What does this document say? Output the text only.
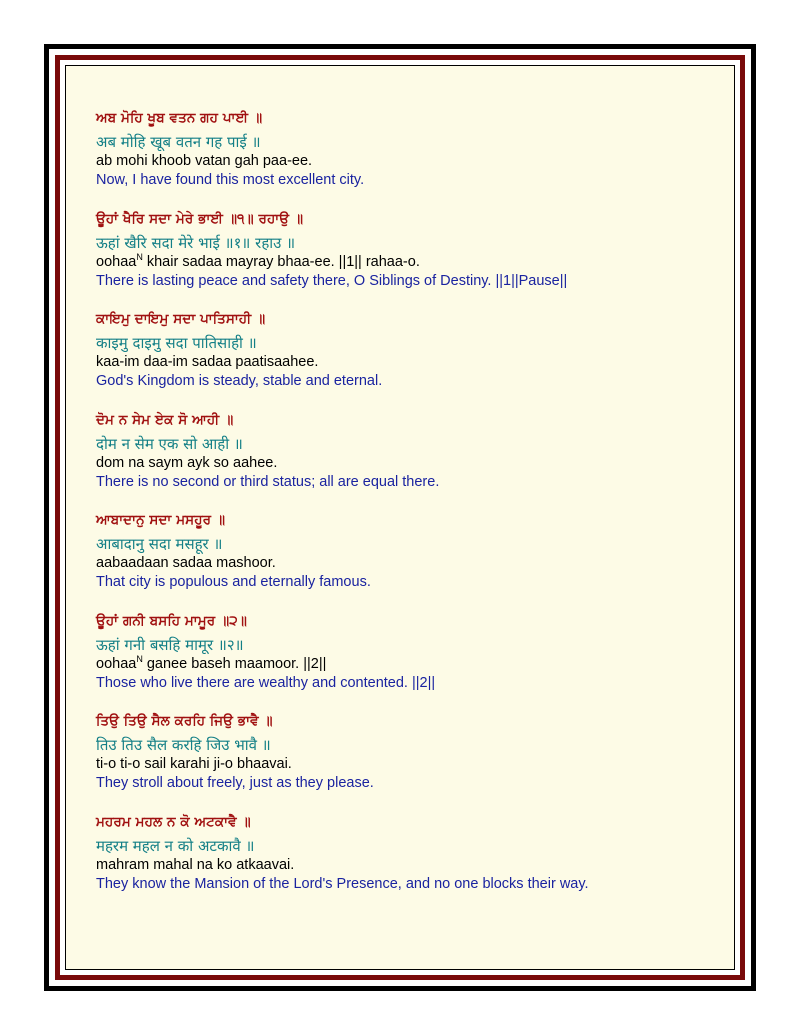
ਅਬ ਮੋਹਿ ਖੂਬ ਵਤਨ ਗਹ ਪਾਈ ॥
अब मोहि खूब वतन गह पाई ॥
ab mohi khoob vatan gah paa-ee.
Now, I have found this most excellent city.
ਊਹਾਂ ਖੈਰਿ ਸਦਾ ਮੇਰੇ ਭਾਈ ॥੧॥ ਰਹਾਉ ॥
ऊहां खैरि सदा मेरे भाई ॥१॥ रहाउ ॥
oohaa$^N$ khair sadaa mayray bhaa-ee. ||1|| rahaa-o.
There is lasting peace and safety there, O Siblings of Destiny. ||1||Pause||
ਕਾਇਮੁ ਦਾਇਮੁ ਸਦਾ ਪਾਤਿਸਾਹੀ ॥
काइमु दाइमु सदा पातिसाही ॥
kaa-im daa-im sadaa paatisaahee.
God's Kingdom is steady, stable and eternal.
ਦੋਮ ਨ ਸੇਮ ਏਕ ਸੋ ਆਹੀ ॥
दोम न सेम एक सो आही ॥
dom na saym ayk so aahee.
There is no second or third status; all are equal there.
ਆਬਾਦਾਨੁ ਸਦਾ ਮਸਹੂਰ ॥
आबादानु सदा मसहूर ॥
aabaadaan sadaa mashoor.
That city is populous and eternally famous.
ਊਹਾਂ ਗਨੀ ਬਸਹਿ ਮਾਮੂਰ ॥੨॥
ऊहां गनी बसहि मामूर ॥२॥
oohaa$^N$ ganee baseh maamoor. ||2||
Those who live there are wealthy and contented. ||2||
ਤਿਉ ਤਿਉ ਸੈਲ ਕਰਹਿ ਜਿਉ ਭਾਵੈ ॥
तिउ तिउ सैल करहि जिउ भावै ॥
ti-o ti-o sail karahi ji-o bhaavai.
They stroll about freely, just as they please.
ਮਹਰਮ ਮਹਲ ਨ ਕੋ ਅਟਕਾਵੈ ॥
महरम महल न को अटकावै ॥
mahram mahal na ko atkaavai.
They know the Mansion of the Lord's Presence, and no one blocks their way.
